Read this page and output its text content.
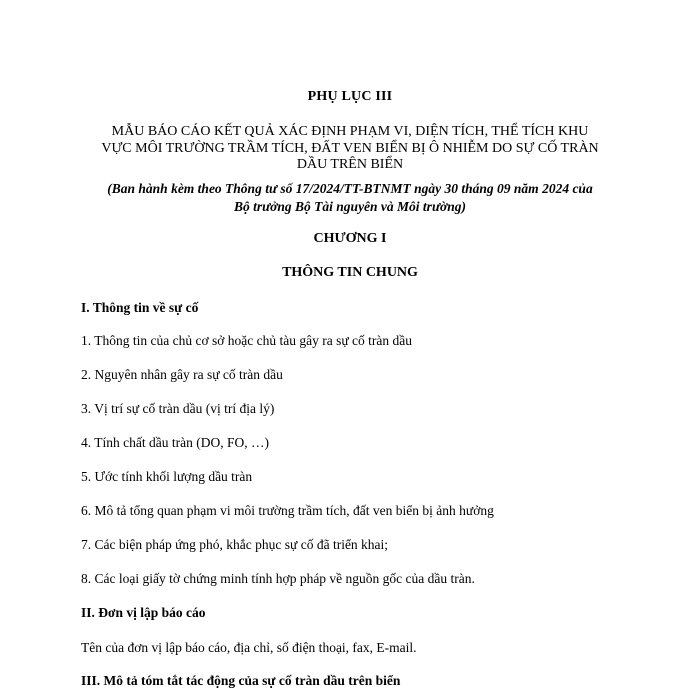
PHỤ LỤC III

MẪU BÁO CÁO KẾT QUẢ XÁC ĐỊNH PHẠM VI, DIỆN TÍCH, THỂ TÍCH KHU
VỰC MÔI TRƯỜNG TRẦM TÍCH, ĐẤT VEN BIỂN BỊ Ô NHIỄM DO SỰ CỐ TRÀN
DẦU TRÊN BIỂN
(Ban hành kèm theo Thông tư số 17/2024/TT-BTNMT ngày 30 tháng 09 năm 2024 của
Bộ trưởng Bộ Tài nguyên và Môi trường)

CHƯƠNG I

THÔNG TIN CHUNG

I. Thông tin về sự cố

1. Thông tin của chủ cơ sở hoặc chủ tàu gây ra sự cố tràn dầu

2. Nguyên nhân gây ra sự cố tràn dầu

3. Vị trí sự cố tràn dầu (vị trí địa lý)

4. Tính chất dầu tràn (DO, FO, …)

5. Ước tính khối lượng dầu tràn

6. Mô tả tổng quan phạm vi môi trường trầm tích, đất ven biển bị ảnh hưởng

7. Các biện pháp ứng phó, khắc phục sự cố đã triển khai;

8. Các loại giấy tờ chứng minh tính hợp pháp về nguồn gốc của dầu tràn.

II. Đơn vị lập báo cáo

Tên của đơn vị lập báo cáo, địa chỉ, số điện thoại, fax, E-mail.

III. Mô tả tóm tắt tác động của sự cố tràn dầu trên biển
